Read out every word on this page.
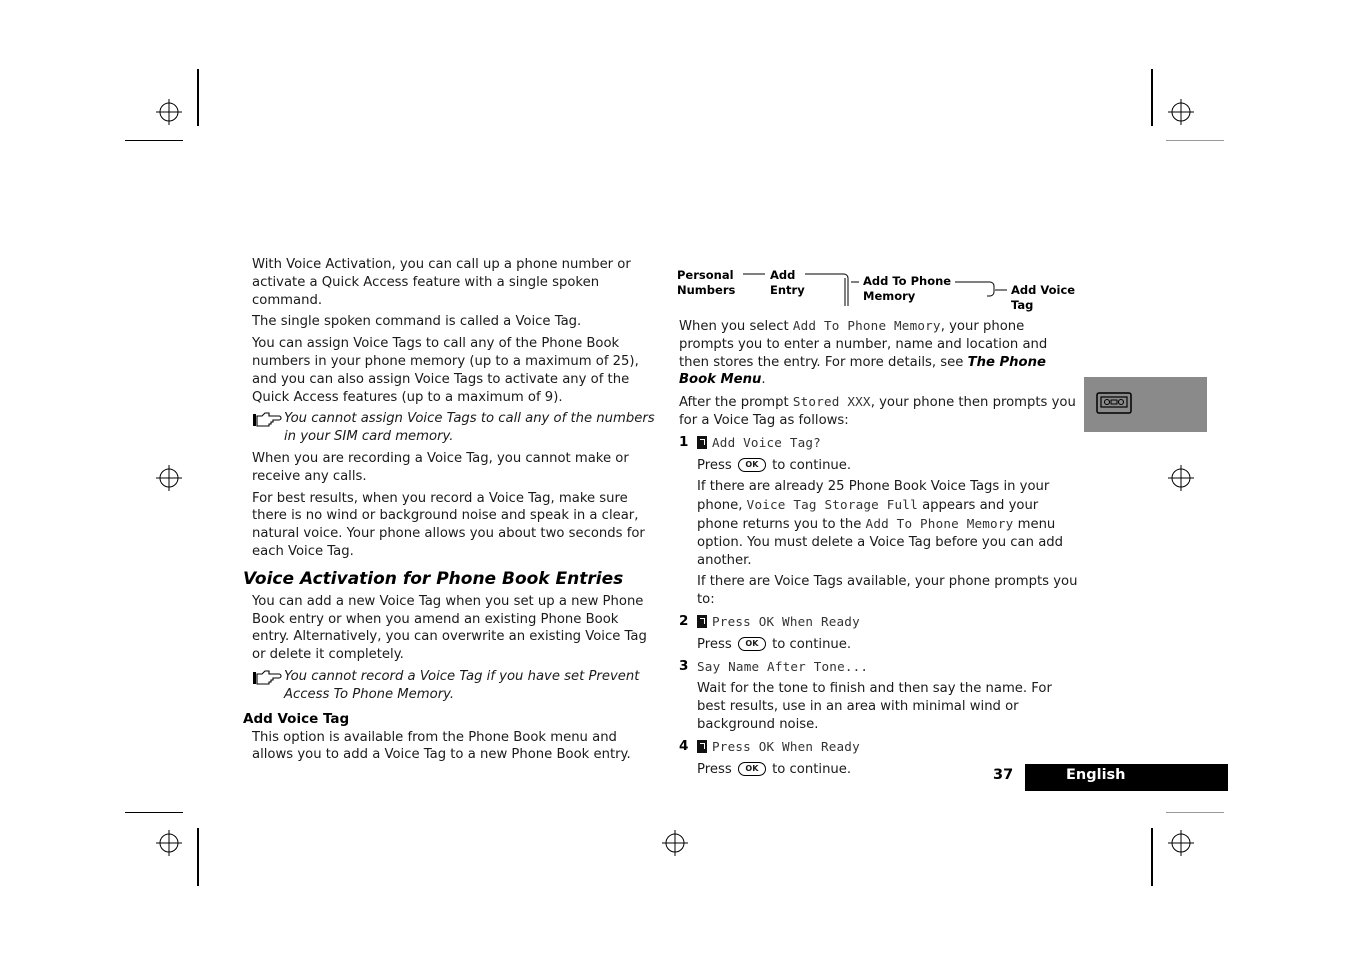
With Voice Activation, you can call up a phone number or activate a Quick Access feature with a single spoken command.

The single spoken command is called a Voice Tag.

You can assign Voice Tags to call any of the Phone Book numbers in your phone memory (up to a maximum of 25), and you can also assign Voice Tags to activate any of the Quick Access features (up to a maximum of 9).

You cannot assign Voice Tags to call any of the numbers in your SIM card memory.

When you are recording a Voice Tag, you cannot make or receive any calls.

For best results, when you record a Voice Tag, make sure there is no wind or background noise and speak in a clear, natural voice. Your phone allows you about two seconds for each Voice Tag.

Voice Activation for Phone Book Entries

You can add a new Voice Tag when you set up a new Phone Book entry or when you amend an existing Phone Book entry. Alternatively, you can overwrite an existing Voice Tag or delete it completely.

You cannot record a Voice Tag if you have set Prevent Access To Phone Memory.

Add Voice Tag

This option is available from the Phone Book menu and allows you to add a Voice Tag to a new Phone Book entry.

Personal
Numbers
Add
Entry
Add To Phone
Memory	Add Voice
Tag

When you select Add To Phone Memory, your phone prompts you to enter a number, name and location and then stores the entry. For more details, see The Phone Book Menu.

After the prompt Stored XXX, your phone then prompts you for a Voice Tag as follows:

1	Add Voice Tag?

Press OK to continue.

If there are already 25 Phone Book Voice Tags in your phone, Voice Tag Storage Full appears and your phone returns you to the Add To Phone Memory menu option. You must delete a Voice Tag before you can add another.

If there are Voice Tags available, your phone prompts you to:

2	Press OK When Ready

Press OK to continue.

3 Say Name After Tone...

Wait for the tone to finish and then say the name. For best results, use in an area with minimal wind or background noise.

4	Press OK When Ready

Press OK to continue.	37	English
